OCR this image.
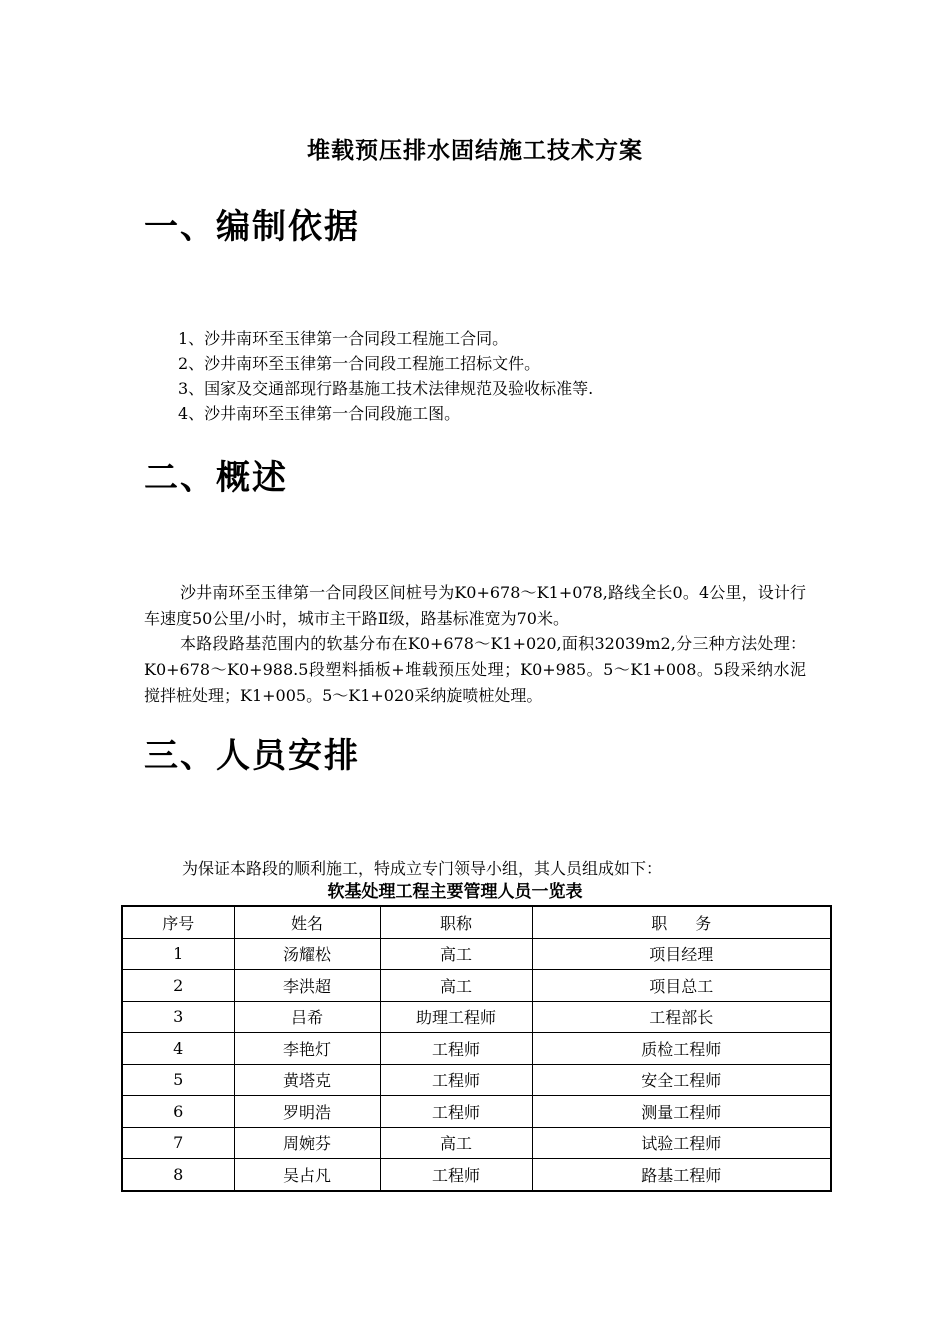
堆载预压排水固结施工技术方案
一、编制依据
1、沙井南环至玉律第一合同段工程施工合同。
2、沙井南环至玉律第一合同段工程施工招标文件。
3、国家及交通部现行路基施工技术法律规范及验收标准等.
4、沙井南环至玉律第一合同段施工图。
二、概述

沙井南环至玉律第一合同段区间桩号为K0+678～K1+078,路线全长0。4公里，设计行车速度50公里/小时，城市主干路Ⅱ级，路基标准宽为70米。

本路段路基范围内的软基分布在K0+678～K1+020,面积32039m2,分三种方法处理：K0+678～K0+988.5段塑料插板+堆载预压处理；K0+985。5～K1+008。5段采纳水泥搅拌桩处理；K1+005。5～K1+020采纳旋喷桩处理。

三、人员安排
为保证本路段的顺利施工，特成立专门领导小组，其人员组成如下：
软基处理工程主要管理人员一览表
序号	姓名	职称	职务
1	汤耀松	高工	项目经理
2	李洪超	高工	项目总工
3	吕希	助理工程师	工程部长
4	李艳灯	工程师	质检工程师
5	黄塔克	工程师	安全工程师
6	罗明浩	工程师	测量工程师
7	周婉芬	高工	试验工程师
8	吴占凡	工程师	路基工程师
